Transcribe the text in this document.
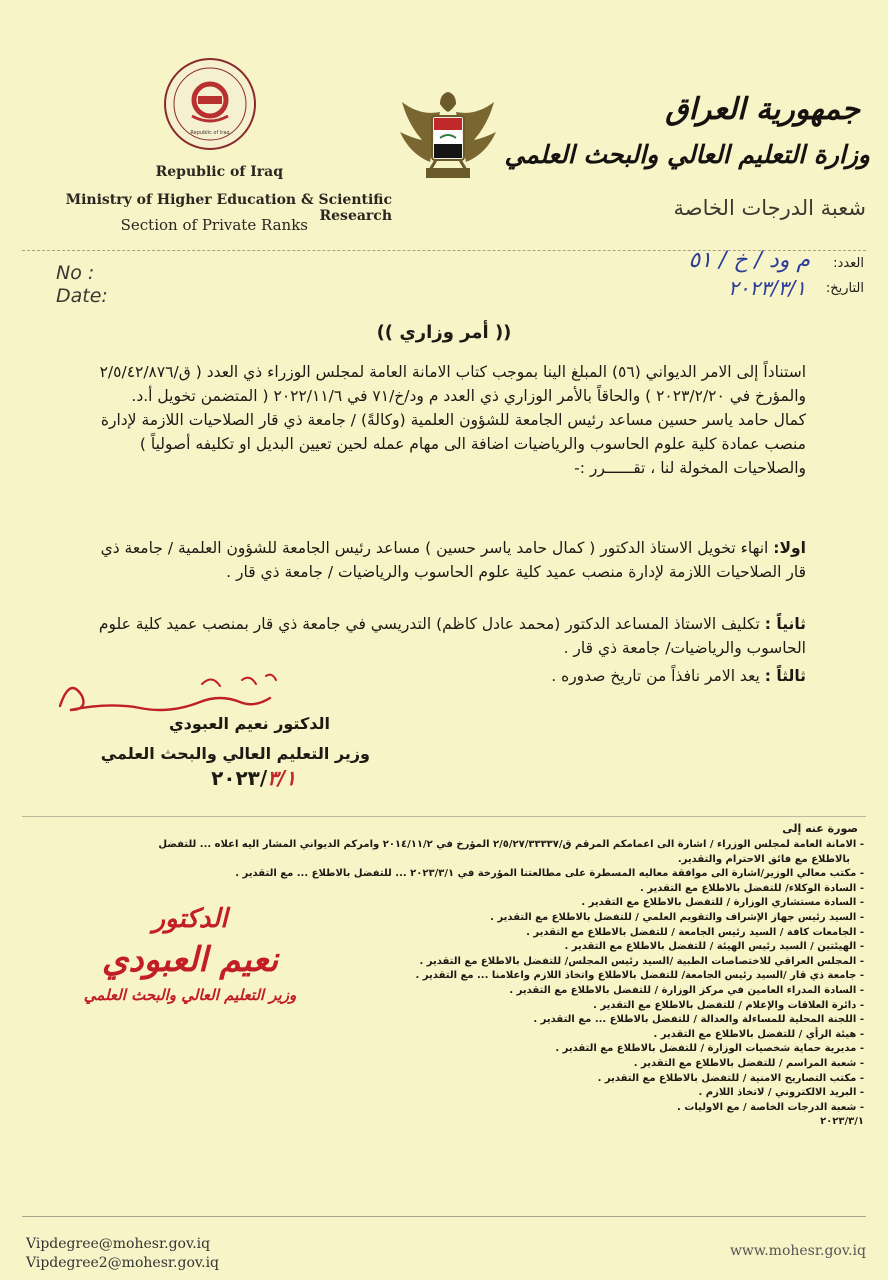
Republic of Iraq
Republic of Iraq
Ministry of Higher Education & Scientific Research
Section of Private Ranks
جمهورية العراق
وزارة التعليم العالي والبحث العلمي
شعبة الدرجات الخاصة
No :
Date:
العدد:
التاريخ:
م ود / خ / ٥١
٢٠٢٣/٣/١
(( أمر وزاري ))
استناداً إلى الامر الديواني (٥٦) المبلغ الينا بموجب كتاب الامانة العامة لمجلس الوزراء ذي العدد ( ق/٢/٥/٤٢/٨٧٦ والمؤرخ في ٢٠٢٣/٢/٢٠ ) والحاقاً بالأمر الوزاري ذي العدد م ود/خ/٧١ في ٢٠٢٢/١١/٦ ( المتضمن تخويل أ.د. كمال حامد ياسر حسين مساعد رئيس الجامعة للشؤون العلمية (وكالةً) / جامعة ذي قار الصلاحيات اللازمة لإدارة منصب عمادة كلية علوم الحاسوب والرياضيات اضافة الى مهام عمله لحين تعيين البديل او تكليفه أصولياً ) والصلاحيات المخولة لنا ، تقــــــرر :-
اولا: انهاء تخويل الاستاذ الدكتور ( كمال حامد ياسر حسين ) مساعد رئيس الجامعة للشؤون العلمية / جامعة ذي قار الصلاحيات اللازمة لإدارة منصب عميد كلية علوم الحاسوب والرياضيات / جامعة ذي قار .
ثانياً : تكليف الاستاذ المساعد الدكتور (محمد عادل كاظم) التدريسي في جامعة ذي قار بمنصب عميد كلية علوم الحاسوب والرياضيات/ جامعة ذي قار .
ثالثاً : يعد الامر نافذاً من تاريخ صدوره .
الدكتور نعيم العبودي
وزير التعليم العالي والبحث العلمي
٢٠٢٣/٣/١
صورة عنه إلى
- الامانة العامة لمجلس الوزراء / اشارة الى اعمامكم المرقم ق/٢/٥/٢٧/٣٣٣٣٧ المؤرخ في ٢٠١٤/١١/٢ وامركم الديواني المشار اليه اعلاه ... للتفضل
بالاطلاع مع فائق الاحترام والتقدير.
- مكتب معالي الوزير/اشارة الى موافقة معاليه المسطرة على مطالعتنا المؤرخة في ٢٠٢٣/٣/١ ... للتفضل بالاطلاع ... مع التقدير .
- السادة الوكلاء/ للتفضل بالاطلاع مع التقدير .
- السادة مستشاري الوزارة / للتفضل بالاطلاع مع التقدير .
- السيد رئيس جهاز الإشراف والتقويم العلمي / للتفضل بالاطلاع مع التقدير .
- الجامعات كافة / السيد رئيس الجامعة / للتفضل بالاطلاع مع التقدير .
- الهيئتين / السيد رئيس الهيئة / للتفضل بالاطلاع مع التقدير .
- المجلس العراقي للاختصاصات الطبية /السيد رئيس المجلس/ للتفضل بالاطلاع مع التقدير .
- جامعة ذي قار /السيد رئيس الجامعة/ للتفضل بالاطلاع واتخاذ اللازم واعلامنا ... مع التقدير .
- السادة المدراء العامين في مركز الوزارة / للتفضل بالاطلاع مع التقدير .
- دائرة العلاقات والإعلام / للتفضل بالاطلاع مع التقدير .
- اللجنة المحلية للمساءلة والعدالة / للتفضل بالاطلاع ... مع التقدير .
- هيئة الرأي / للتفضل بالاطلاع مع التقدير .
- مديرية حماية شخصيات الوزارة / للتفضل بالاطلاع مع التقدير .
- شعبة المراسم / للتفضل بالاطلاع مع التقدير .
- مكتب التصاريح الامنية / للتفضل بالاطلاع مع التقدير .
- البريد الالكتروني / لاتخاذ اللازم .
- شعبة الدرجات الخاصة / مع الاوليات .
٢٠٢٣/٣/١
الدكتور
نعيم العبودي
وزير التعليم العالي والبحث العلمي
Vipdegree@mohesr.gov.iq
Vipdegree2@mohesr.gov.iq
www.mohesr.gov.iq
